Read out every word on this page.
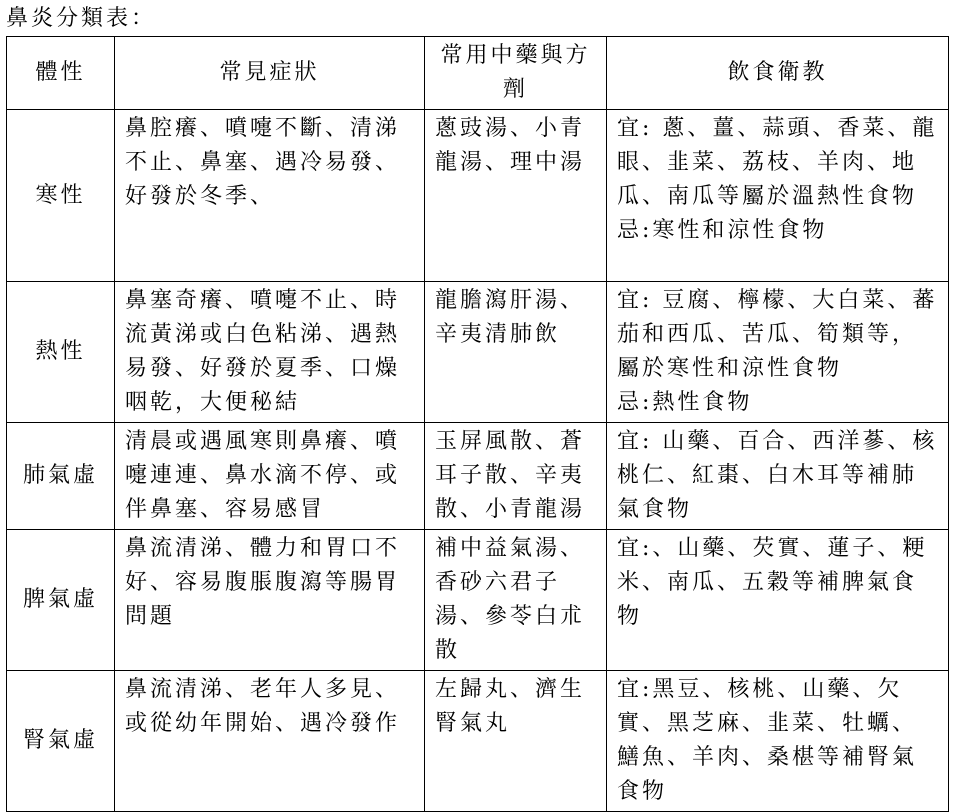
鼻炎分類表：
體性	常見症狀	常用中藥與方劑	飲食衛教
寒性	鼻腔癢、噴嚏不斷、清涕不止、鼻塞、遇冷易發、好發於冬季、	蔥豉湯、小青龍湯、理中湯	宜: 蔥、薑、蒜頭、香菜、龍眼、韭菜、荔枝、羊肉、地瓜、南瓜等屬於溫熱性食物
忌:寒性和涼性食物

熱性	鼻塞奇癢、噴嚏不止、時流黃涕或白色粘涕、遇熱易發、好發於夏季、口燥咽乾，大便秘結	龍膽瀉肝湯、辛夷清肺飲	宜: 豆腐、檸檬、大白菜、蕃茄和西瓜、苦瓜、筍類等，屬於寒性和涼性食物
忌:熱性食物

肺氣虛	清晨或遇風寒則鼻癢、噴嚏連連、鼻水滴不停、或伴鼻塞、容易感冒	玉屏風散、蒼耳子散、辛夷散、小青龍湯	宜: 山藥、百合、西洋蔘、核桃仁、紅棗、白木耳等補肺氣食物

脾氣虛	鼻流清涕、體力和胃口不好、容易腹脹腹瀉等腸胃問題	補中益氣湯、香砂六君子湯、參苓白朮散	宜:、山藥、芡實、蓮子、粳米、南瓜、五穀等補脾氣食物

腎氣虛	鼻流清涕、老年人多見、或從幼年開始、遇冷發作	左歸丸、濟生腎氣丸	宜:黑豆、核桃、山藥、欠實、黑芝麻、韭菜、牡蠣、鱔魚、羊肉、桑椹等補腎氣食物
